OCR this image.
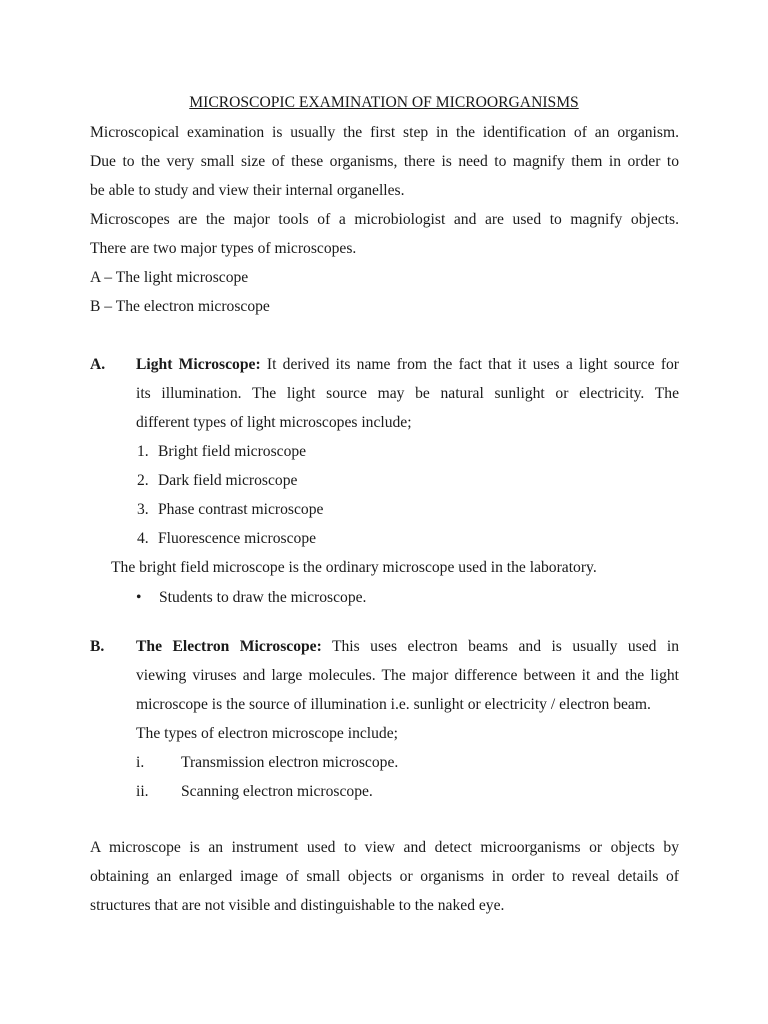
MICROSCOPIC EXAMINATION OF MICROORGANISMS
Microscopical examination is usually the first step in the identification of an organism.
Due to the very small size of these organisms, there is need to magnify them in order to
be able to study and view their internal organelles.
Microscopes are the major tools of a microbiologist and are used to magnify objects.
There are two major types of microscopes.
A – The light microscope
B – The electron microscope
A. Light Microscope: It derived its name from the fact that it uses a light source for
its illumination. The light source may be natural sunlight or electricity. The
different types of light microscopes include;
1. Bright field microscope
2. Dark field microscope
3. Phase contrast microscope
4. Fluorescence microscope
The bright field microscope is the ordinary microscope used in the laboratory.
• Students to draw the microscope.
B. The Electron Microscope: This uses electron beams and is usually used in
viewing viruses and large molecules. The major difference between it and the light
microscope is the source of illumination i.e. sunlight or electricity / electron beam.
The types of electron microscope include;
i. Transmission electron microscope.
ii. Scanning electron microscope.
A microscope is an instrument used to view and detect microorganisms or objects by
obtaining an enlarged image of small objects or organisms in order to reveal details of
structures that are not visible and distinguishable to the naked eye.
